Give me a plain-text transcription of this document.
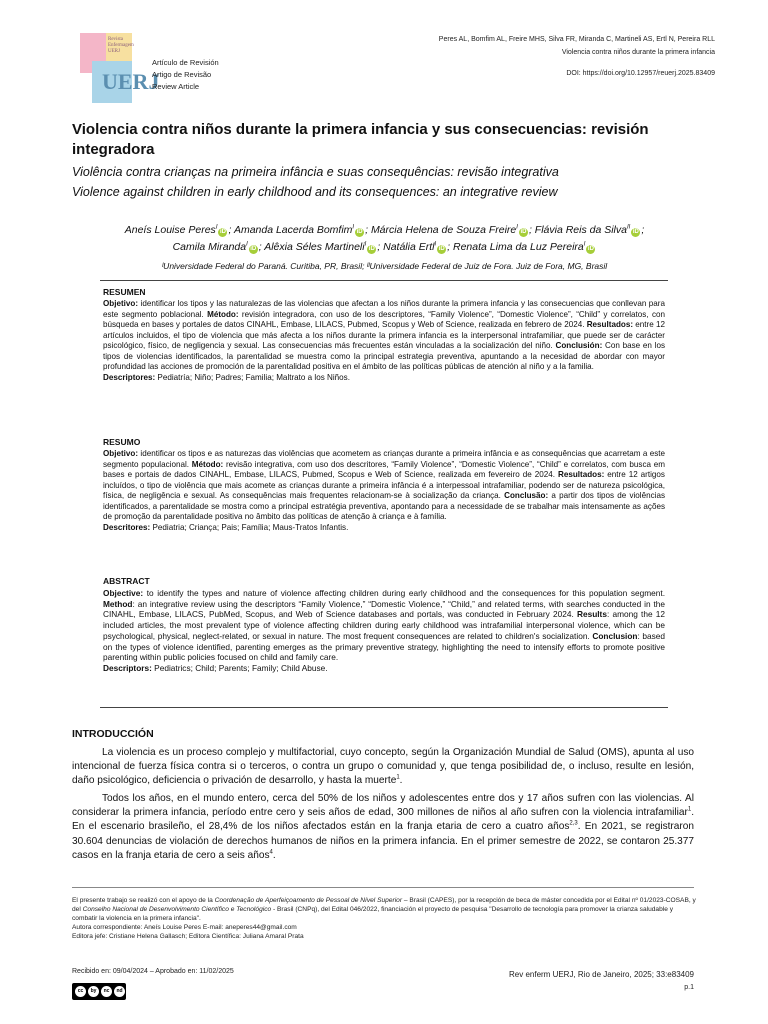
Revista Enfermagem UERJ
UERJ
Artículo de Revisión
Artigo de Revisão
Review Article
Peres AL, Bomfim AL, Freire MHS, Silva FR, Miranda C, Martineli AS, Ertl N, Pereira RLL
Violencia contra niños durante la primera infancia
DOI: https://doi.org/10.12957/reuerj.2025.83409
Violencia contra niños durante la primera infancia y sus consecuencias: revisión integradora
Violência contra crianças na primeira infância e suas consequências: revisão integrativa
Violence against children in early childhood and its consequences: an integrative review
Aneís Louise Peres$^I$iD ; Amanda Lacerda Bomfim$^I$iD ; Márcia Helena de Souza Freire$^I$iD ; Flávia Reis da Silva$^{II}$iD ;
Camila Miranda$^I$iD ; Alêxia Séles Martineli$^I$iD ; Natália Ertl$^I$iD ; Renata Lima da Luz Pereira$^I$iD
ᴵUniversidade Federal do Paraná. Curitiba, PR, Brasil; ᴵᴵUniversidade Federal de Juiz de Fora. Juiz de Fora, MG, Brasil
RESUMEN
Objetivo: identificar los tipos y las naturalezas de las violencias que afectan a los niños durante la primera infancia y las consecuencias que conllevan para este segmento poblacional. Método: revisión integradora, con uso de los descriptores, “Family Violence”, “Domestic Violence”, “Child” y correlatos, con búsqueda en bases y portales de datos CINAHL, Embase, LILACS, Pubmed, Scopus y Web of Science, realizada en febrero de 2024. Resultados: entre 12 artículos incluidos, el tipo de violencia que más afecta a los niños durante la primera infancia es la interpersonal intrafamiliar, que puede ser de carácter psicológico, físico, de negligencia y sexual. Las consecuencias más frecuentes están vinculadas a la socialización del niño. Conclusión: Con base en los tipos de violencias identificados, la parentalidad se muestra como la principal estrategia preventiva, apuntando a la necesidad de abordar con mayor profundidad las acciones de promoción de la parentalidad positiva en el ámbito de las políticas públicas de atención al niño y a la familia.
Descriptores: Pediatría; Niño; Padres; Familia; Maltrato a los Niños.
RESUMO
Objetivo: identificar os tipos e as naturezas das violências que acometem as crianças durante a primeira infância e as consequências que acarretam a este segmento populacional. Método: revisão integrativa, com uso dos descritores, “Family Violence”, “Domestic Violence”, “Child” e correlatos, com busca em bases e portais de dados CINAHL, Embase, LILACS, Pubmed, Scopus e Web of Science, realizada em fevereiro de 2024. Resultados: entre 12 artigos incluídos, o tipo de violência que mais acomete as crianças durante a primeira infância é a interpessoal intrafamiliar, podendo ser de natureza psicológica, física, de negligência e sexual. As consequências mais frequentes relacionam-se à socialização da criança. Conclusão: a partir dos tipos de violências identificados, a parentalidade se mostra como a principal estratégia preventiva, apontando para a necessidade de se trabalhar mais intensamente as ações de promoção da parentalidade positiva no âmbito das políticas de atenção à criança e à família.
Descritores: Pediatria; Criança; Pais; Família; Maus-Tratos Infantis.
ABSTRACT
Objective: to identify the types and nature of violence affecting children during early childhood and the consequences for this population segment. Method: an integrative review using the descriptors “Family Violence,” “Domestic Violence,” “Child,” and related terms, with searches conducted in the CINAHL, Embase, LILACS, PubMed, Scopus, and Web of Science databases and portals, was conducted in February 2024. Results: among the 12 included articles, the most prevalent type of violence affecting children during early childhood was intrafamilial interpersonal violence, which can be psychological, physical, neglect-related, or sexual in nature. The most frequent consequences are related to children's socialization. Conclusion: based on the types of violence identified, parenting emerges as the primary preventive strategy, highlighting the need to intensify efforts to promote positive parenting within public policies focused on child and family care.
Descriptors: Pediatrics; Child; Parents; Family; Child Abuse.
INTRODUCCIÓN

La violencia es un proceso complejo y multifactorial, cuyo concepto, según la Organización Mundial de Salud (OMS), apunta al uso intencional de fuerza física contra si o terceros, o contra un grupo o comunidad y, que tenga posibilidad de, o incluso, resulte en lesión, daño psicológico, deficiencia o privación de desarrollo, y hasta la muerte$^1$.

Todos los años, en el mundo entero, cerca del 50% de los niños y adolescentes entre dos y 17 años sufren con las violencias. Al considerar la primera infancia, período entre cero y seis años de edad, 300 millones de niños al año sufren con la violencia intrafamiliar$^1$. En el escenario brasileño, el 28,4% de los niños afectados están en la franja etaria de cero a cuatro años$^{2,3}$. En 2021, se registraron 30.604 denuncias de violación de derechos humanos de niños en la primera infancia. En el primer semestre de 2022, se contaron 25.377 casos en la franja etaria de cero a seis años$^4$.

El presente trabajo se realizó con el apoyo de la Coordenação de Aperfeiçoamento de Pessoal de Nível Superior – Brasil (CAPES), por la recepción de beca de máster concedida por el Edital nº 01/2023-COSAB, y del Conselho Nacional de Desenvolvimento Científico e Tecnológico - Brasil (CNPq), del Edital 046/2022, financiación el proyecto de pesquisa "Desarrollo de tecnología para promover la crianza saludable y combatir la violencia en la primera infancia".
Autora correspondiente: Aneís Louise Peres E-mail: aneperes44@gmail.com
Editora jefe: Cristiane Helena Gallasch; Editora Científica: Juliana Amaral Prata
Recibido en: 09/04/2024 – Aprobado en: 11/02/2025
cc	by	nc	nd
Rev enferm UERJ, Rio de Janeiro, 2025; 33:e83409
p.1
